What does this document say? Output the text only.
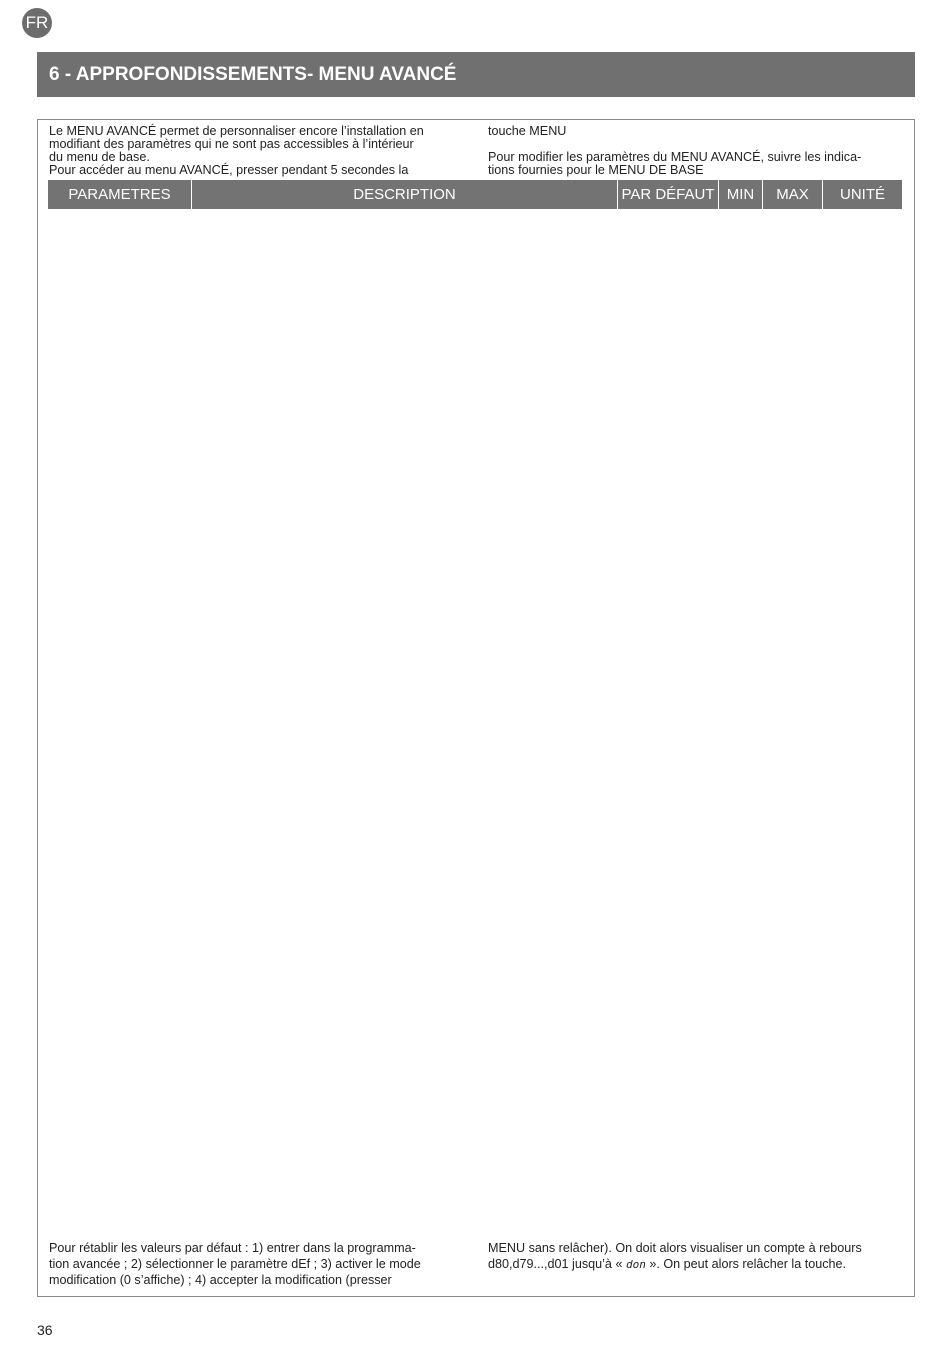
FR
6 - APPROFONDISSEMENTS- MENU AVANCÉ

Le MENU AVANCÉ permet de personnaliser encore l’installation en

modifiant des paramètres qui ne sont pas accessibles à l’intérieur

du menu de base.

Pour accéder au menu AVANCÉ, presser pendant 5 secondes la

touche MENU

Pour modifier les paramètres du MENU AVANCÉ, suivre les indica-

tions fournies pour le MENU DE BASE

PARAMETRES	DESCRIPTION	PAR DÉFAUT	MIN	MAX	UNITÉ
Pour rétablir les valeurs par défaut : 1) entrer dans la programma-
tion avancée ; 2) sélectionner le paramètre dEf ; 3) activer le mode
modification (0 s’affiche) ; 4) accepter la modification (presser
MENU sans relâcher). On doit alors visualiser un compte à rebours
d80,d79...,d01 jusqu’à « don ». On peut alors relâcher la touche.
36
